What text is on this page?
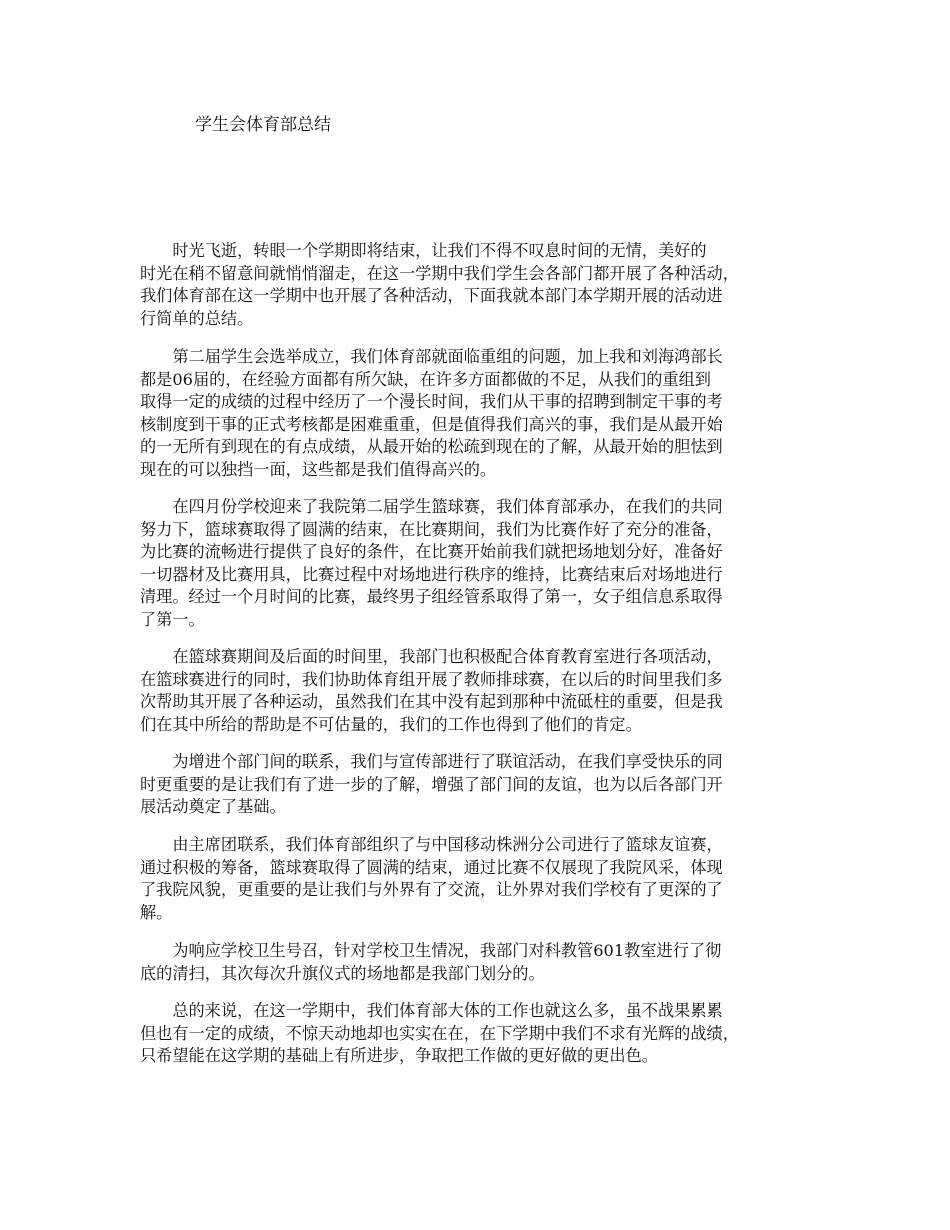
学生会体育部总结
　　时光飞逝，转眼一个学期即将结束，让我们不得不叹息时间的无情，美好的
时光在稍不留意间就悄悄溜走，在这一学期中我们学生会各部门都开展了各种活动，
我们体育部在这一学期中也开展了各种活动，下面我就本部门本学期开展的活动进
行简单的总结。
　　第二届学生会选举成立，我们体育部就面临重组的问题，加上我和刘海鸿部长
都是06届的，在经验方面都有所欠缺，在许多方面都做的不足，从我们的重组到
取得一定的成绩的过程中经历了一个漫长时间，我们从干事的招聘到制定干事的考
核制度到干事的正式考核都是困难重重，但是值得我们高兴的事，我们是从最开始
的一无所有到现在的有点成绩，从最开始的松疏到现在的了解，从最开始的胆怯到
现在的可以独挡一面，这些都是我们值得高兴的。
　　在四月份学校迎来了我院第二届学生篮球赛，我们体育部承办，在我们的共同
努力下，篮球赛取得了圆满的结束，在比赛期间，我们为比赛作好了充分的准备，
为比赛的流畅进行提供了良好的条件，在比赛开始前我们就把场地划分好，准备好
一切器材及比赛用具，比赛过程中对场地进行秩序的维持，比赛结束后对场地进行
清理。经过一个月时间的比赛，最终男子组经管系取得了第一，女子组信息系取得
了第一。
　　在篮球赛期间及后面的时间里，我部门也积极配合体育教育室进行各项活动，
在篮球赛进行的同时，我们协助体育组开展了教师排球赛，在以后的时间里我们多
次帮助其开展了各种运动，虽然我们在其中没有起到那种中流砥柱的重要，但是我
们在其中所给的帮助是不可估量的，我们的工作也得到了他们的肯定。
　　为增进个部门间的联系，我们与宣传部进行了联谊活动，在我们享受快乐的同
时更重要的是让我们有了进一步的了解，增强了部门间的友谊，也为以后各部门开
展活动奠定了基础。
　　由主席团联系，我们体育部组织了与中国移动株洲分公司进行了篮球友谊赛，
通过积极的筹备，篮球赛取得了圆满的结束，通过比赛不仅展现了我院风采，体现
了我院风貌，更重要的是让我们与外界有了交流，让外界对我们学校有了更深的了
解。
　　为响应学校卫生号召，针对学校卫生情况，我部门对科教管601教室进行了彻
底的清扫，其次每次升旗仪式的场地都是我部门划分的。
　　总的来说，在这一学期中，我们体育部大体的工作也就这么多，虽不战果累累
但也有一定的成绩，不惊天动地却也实实在在，在下学期中我们不求有光辉的战绩，
只希望能在这学期的基础上有所进步，争取把工作做的更好做的更出色。
